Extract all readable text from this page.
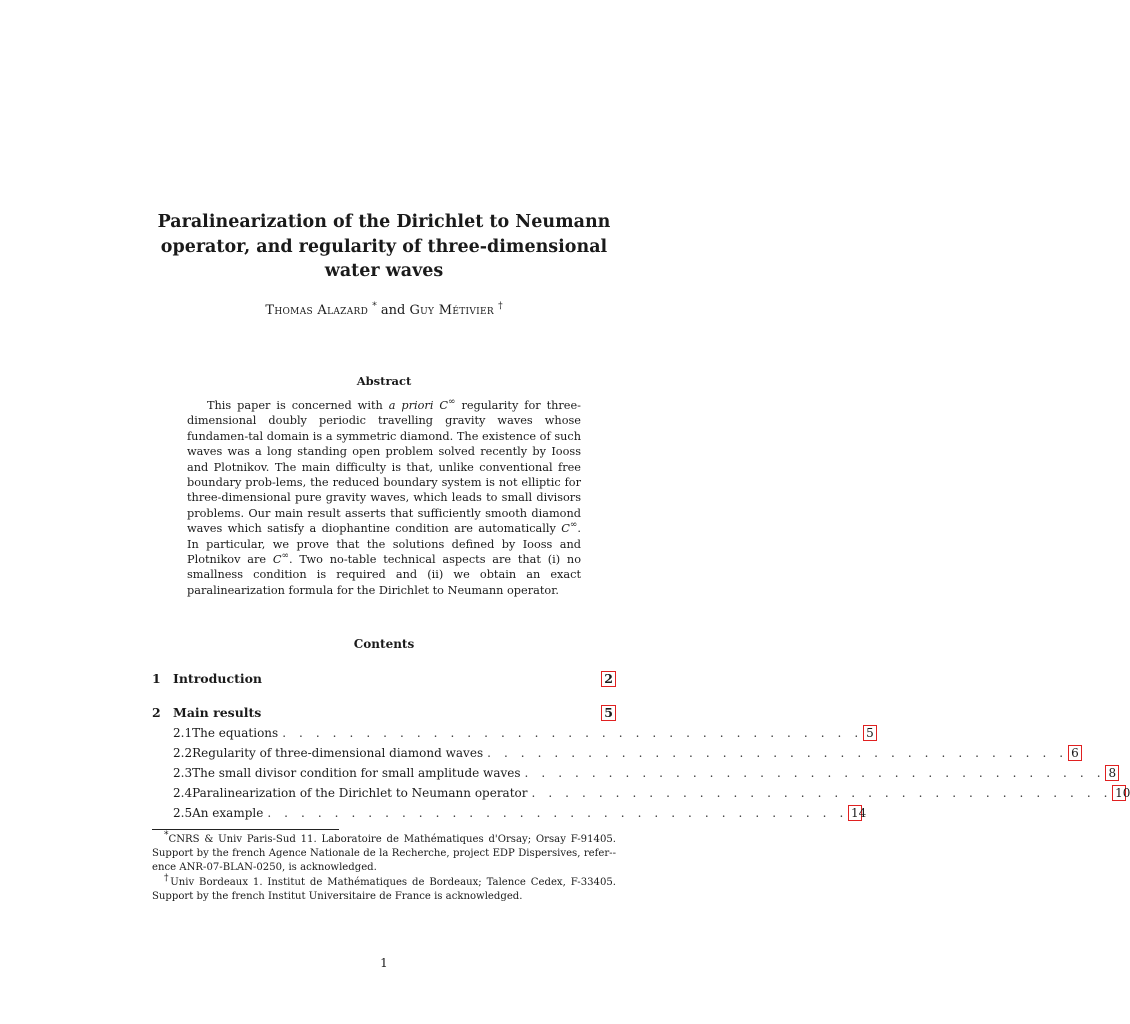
Paralinearization of the Dirichlet to Neumann
operator, and regularity of three-dimensional
water waves
Thomas Alazard * and Guy Métivier †
Abstract

This paper is concerned with a priori C∞ regularity for three-dimensional doubly periodic travelling gravity waves whose fundamen-tal domain is a symmetric diamond. The existence of such waves was a long standing open problem solved recently by Iooss and Plotnikov. The main difficulty is that, unlike conventional free boundary prob-lems, the reduced boundary system is not elliptic for three-dimensional pure gravity waves, which leads to small divisors problems. Our main result asserts that sufficiently smooth diamond waves which satisfy a diophantine condition are automatically C∞. In particular, we prove that the solutions defined by Iooss and Plotnikov are C∞. Two no-table technical aspects are that (i) no smallness condition is required and (ii) we obtain an exact paralinearization formula for the Dirichlet to Neumann operator.

Contents
1 Introduction	2
2 Main results	5
2.1 The equations . . . . . . . . . . . . . . . . . . . . . . . . . . . . . . . . . . . 5
2.2 Regularity of three-dimensional diamond waves . . . . . . . . . . . . . . . . . . . . . . . . . . . . . . . . . . . 6
2.3 The small divisor condition for small amplitude waves . . . . . . . . . . . . . . . . . . . . . . . . . . . . . . . . . . . 8
2.4 Paralinearization of the Dirichlet to Neumann operator . . . . . . . . . . . . . . . . . . . . . . . . . . . . . . . . . . . 10
2.5 An example . . . . . . . . . . . . . . . . . . . . . . . . . . . . . . . . . . . 14

*CNRS & Univ Paris-Sud 11. Laboratoire de Mathématiques d'Orsay; Orsay F-91405. Support by the french Agence Nationale de la Recherche, project EDP Dispersives, refer-ence ANR-07-BLAN-0250, is acknowledged.

†Univ Bordeaux 1. Institut de Mathématiques de Bordeaux; Talence Cedex, F-33405. Support by the french Institut Universitaire de France is acknowledged.

1
